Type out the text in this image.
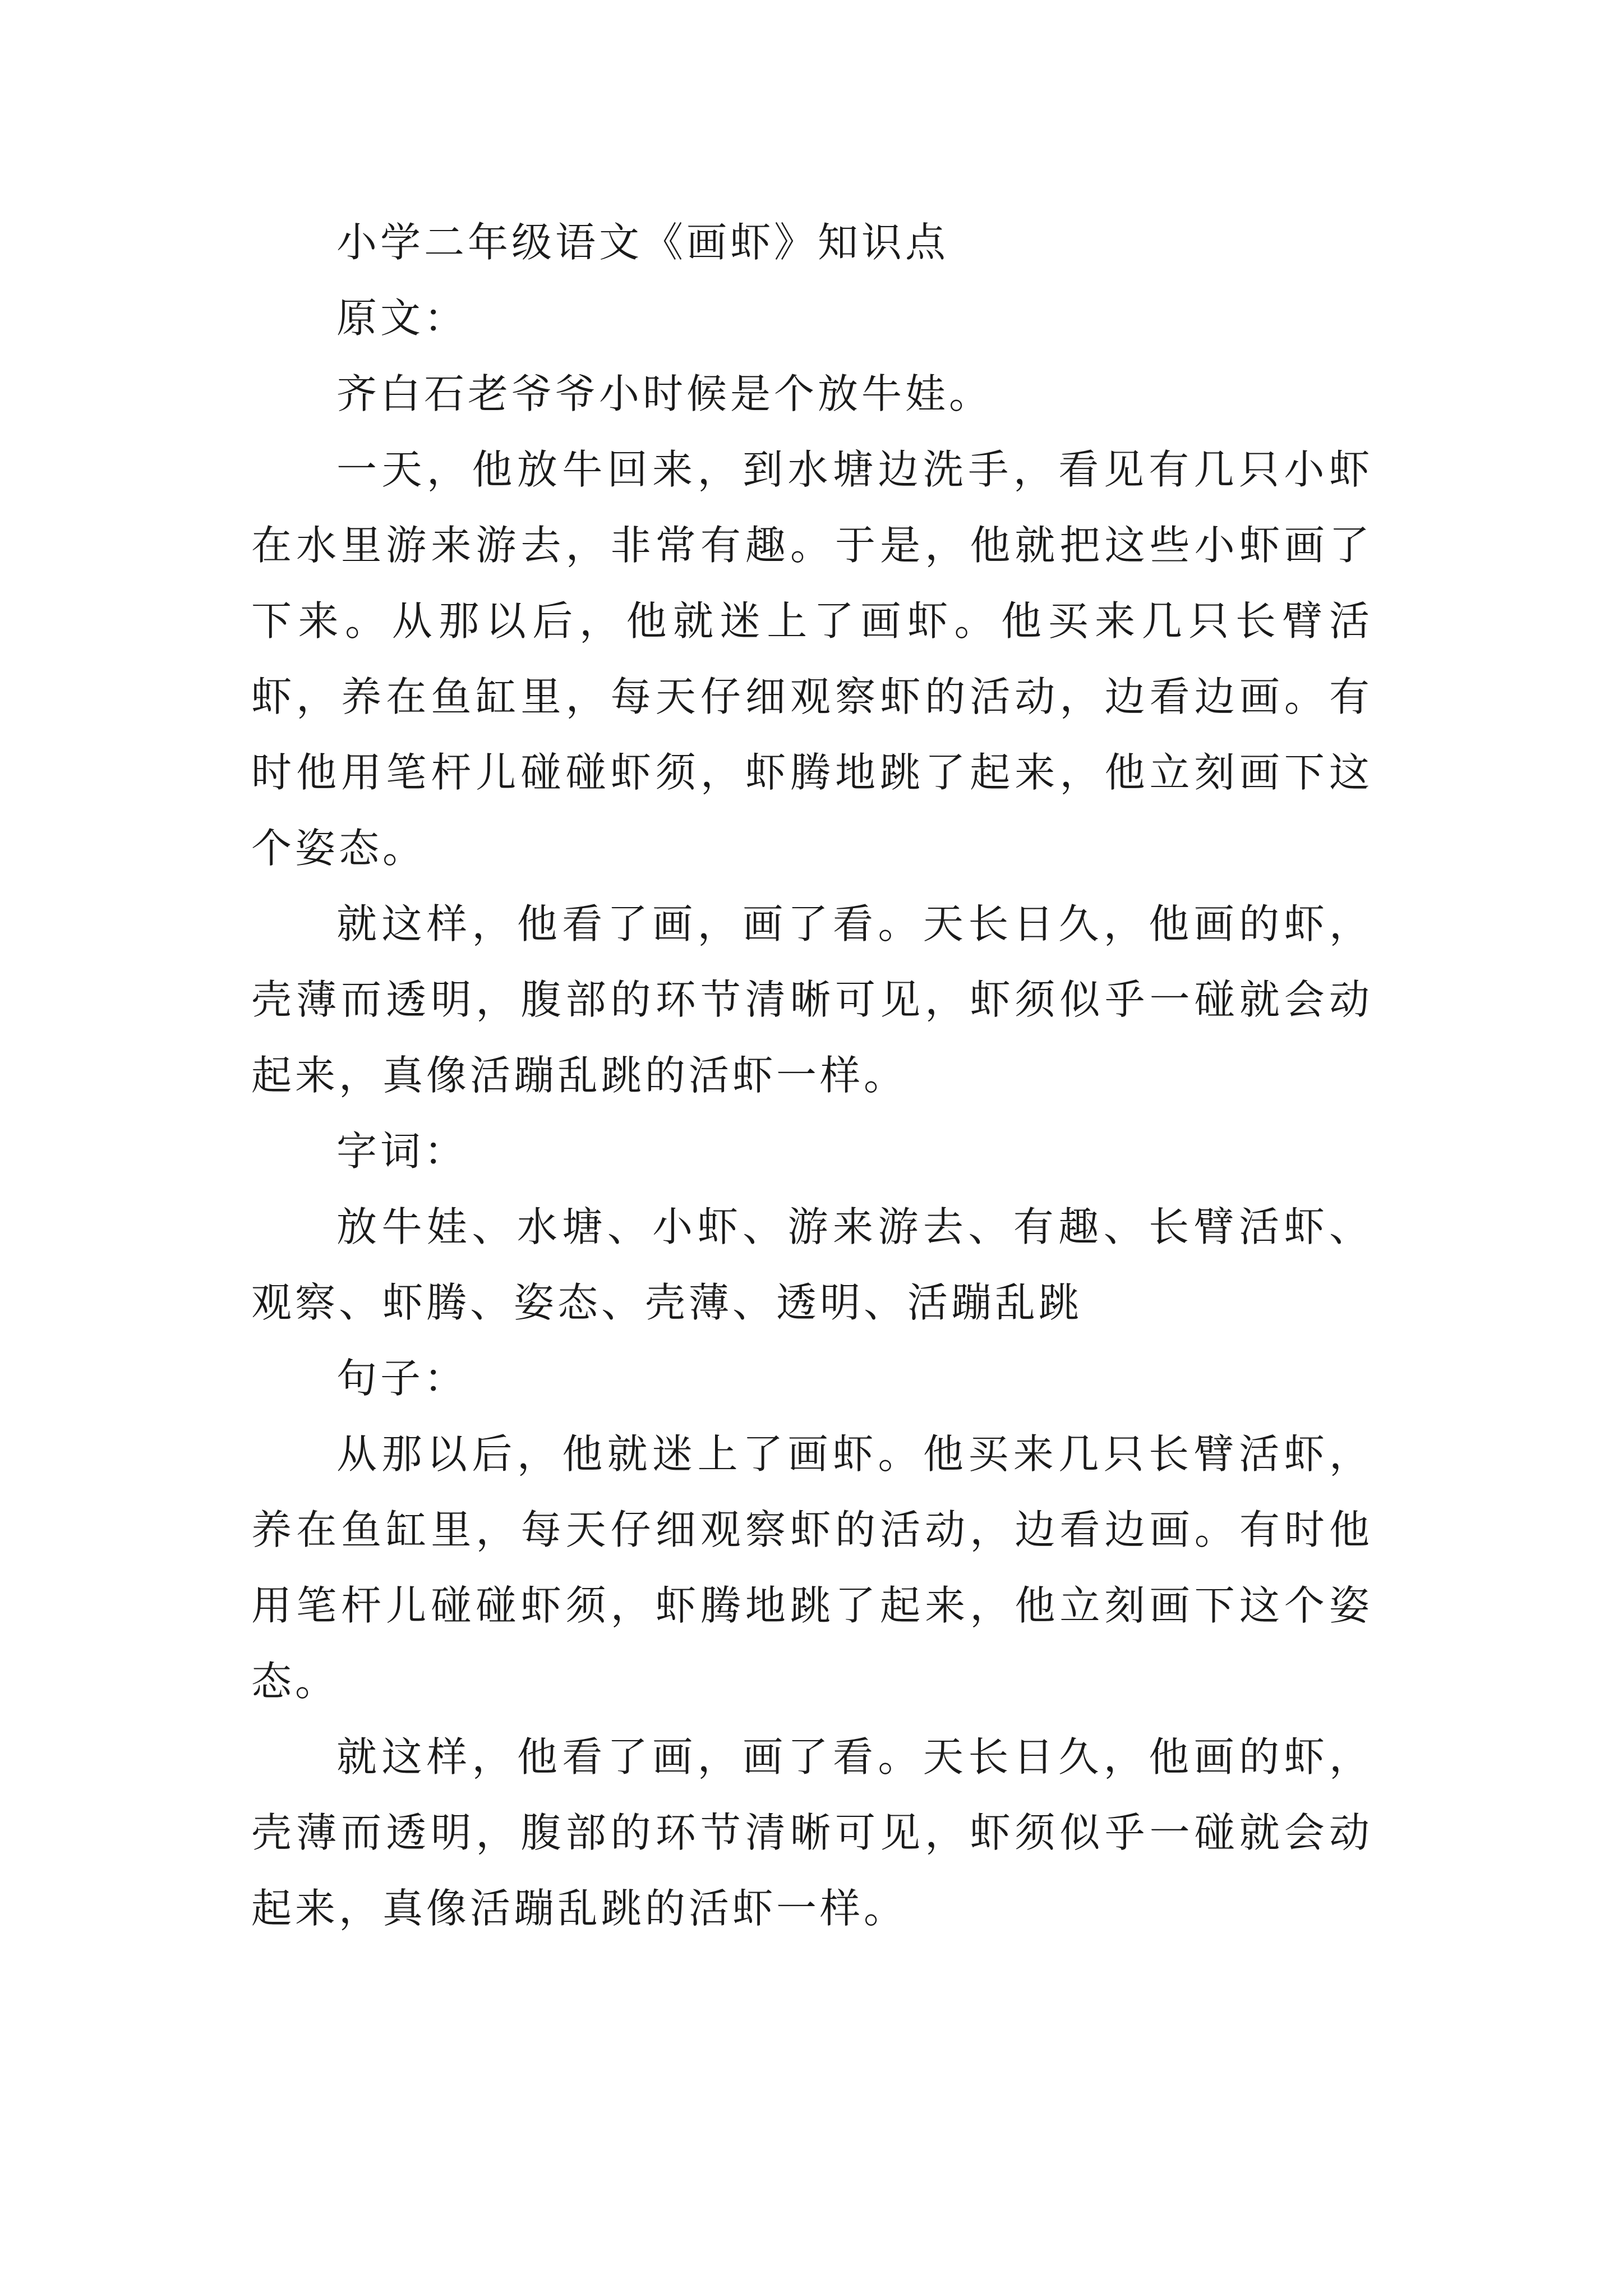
小学二年级语文《画虾》知识点

原文：

齐白石老爷爷小时候是个放牛娃。

一天，他放牛回来，到水塘边洗手，看见有几只小虾在水里游来游去，非常有趣。于是，他就把这些小虾画了下来。从那以后，他就迷上了画虾。他买来几只长臂活虾，养在鱼缸里，每天仔细观察虾的活动，边看边画。有时他用笔杆儿碰碰虾须，虾腾地跳了起来，他立刻画下这个姿态。

就这样，他看了画，画了看。天长日久，他画的虾，壳薄而透明，腹部的环节清晰可见，虾须似乎一碰就会动起来，真像活蹦乱跳的活虾一样。

字词：

放牛娃、水塘、小虾、游来游去、有趣、长臂活虾、观察、虾腾、姿态、壳薄、透明、活蹦乱跳

句子：

从那以后，他就迷上了画虾。他买来几只长臂活虾，养在鱼缸里，每天仔细观察虾的活动，边看边画。有时他用笔杆儿碰碰虾须，虾腾地跳了起来，他立刻画下这个姿态。

就这样，他看了画，画了看。天长日久，他画的虾，壳薄而透明，腹部的环节清晰可见，虾须似乎一碰就会动起来，真像活蹦乱跳的活虾一样。
